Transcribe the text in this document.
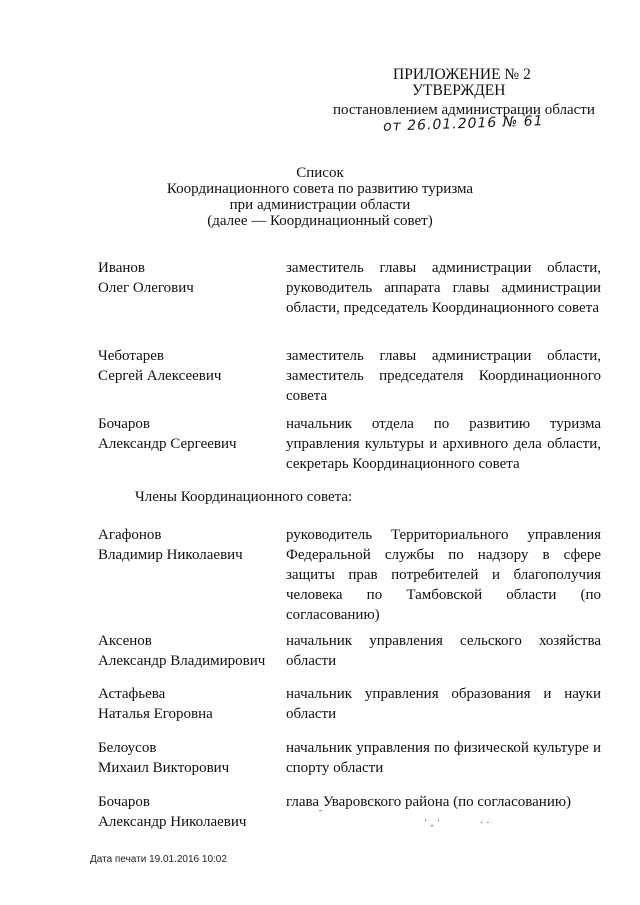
ПРИЛОЖЕНИЕ № 2
УТВЕРЖДЕН
постановлением администрации области
от 26.01.2016 № 61
Список
Координационного совета по развитию туризма
при администрации области
(далее — Координационный совет)
Иванов
Олег Олегович
заместитель главы администрации области, руководитель аппарата главы администрации области, председатель Координационного совета
Чеботарев
Сергей Алексеевич
заместитель главы администрации области, заместитель председателя Координационного совета
Бочаров
Александр Сергеевич
начальник отдела по развитию туризма управления культуры и архивного дела области, секретарь Координационного совета
Члены Координационного совета:
Агафонов
Владимир Николаевич
руководитель Территориального управления Федеральной службы по надзору в сфере защиты прав потребителей и благополучия человека по Тамбовской области (по согласованию)
Аксенов
Александр Владимирович
начальник управления сельского хозяйства области
Астафьева
Наталья Егоровна
начальник управления образования и науки области
Белоусов
Михаил Викторович
начальник управления по физической культуре и спорту области
Бочаров
Александр Николаевич
глава Уваровского района (по согласованию)
ˉ
· ‸ ·	· ·
Дата печати 19.01.2016 10:02
